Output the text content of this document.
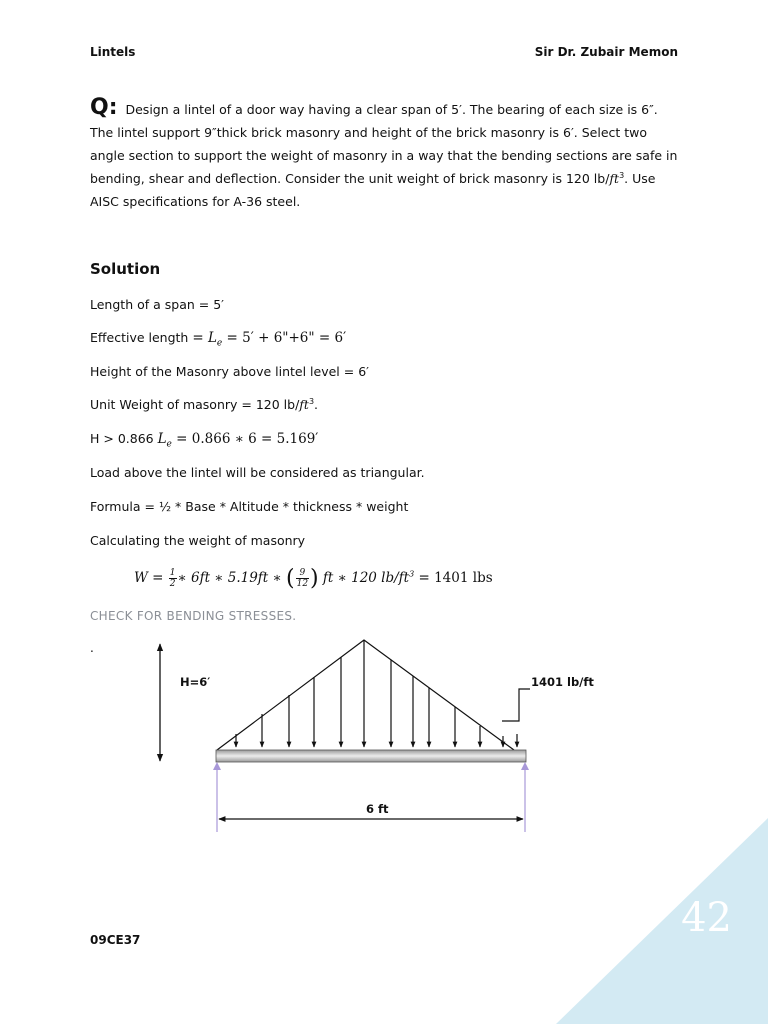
Lintels	Sir Dr. Zubair Memon
Q: Design a lintel of a door way having a clear span of 5′. The bearing of each size is 6″. The lintel support 9″thick brick masonry and height of the brick masonry is 6′. Select two angle section to support the weight of masonry in a way that the bending sections are safe in bending, shear and deflection. Consider the unit weight of brick masonry is 120 $lb/ft^3$. Use AISC specifications for A-36 steel.
Solution
Length of a span = 5′
Effective length = $L_e = 5'$ + 6"+6" = 6′
Height of the Masonry above lintel level = 6′
Unit Weight of masonry = 120 $lb/ft^3$.
H > 0.866 $L_e = 0.866$ ∗ 6 = 5.169′
Load above the lintel will be considered as triangular.
Formula = ½ * Base * Altitude * thickness * weight
Calculating the weight of masonry
$W = \frac{1}{2}$ ∗ 6ft ∗ 5.19ft ∗ ( $\frac{9}{12}$ ) ft ∗ 120 $lb/ft^3 = 1401$ lbs
CHECK FOR BENDING STRESSES.
.
H=6′	1401 lb/ft
6 ft
42
09CE37
